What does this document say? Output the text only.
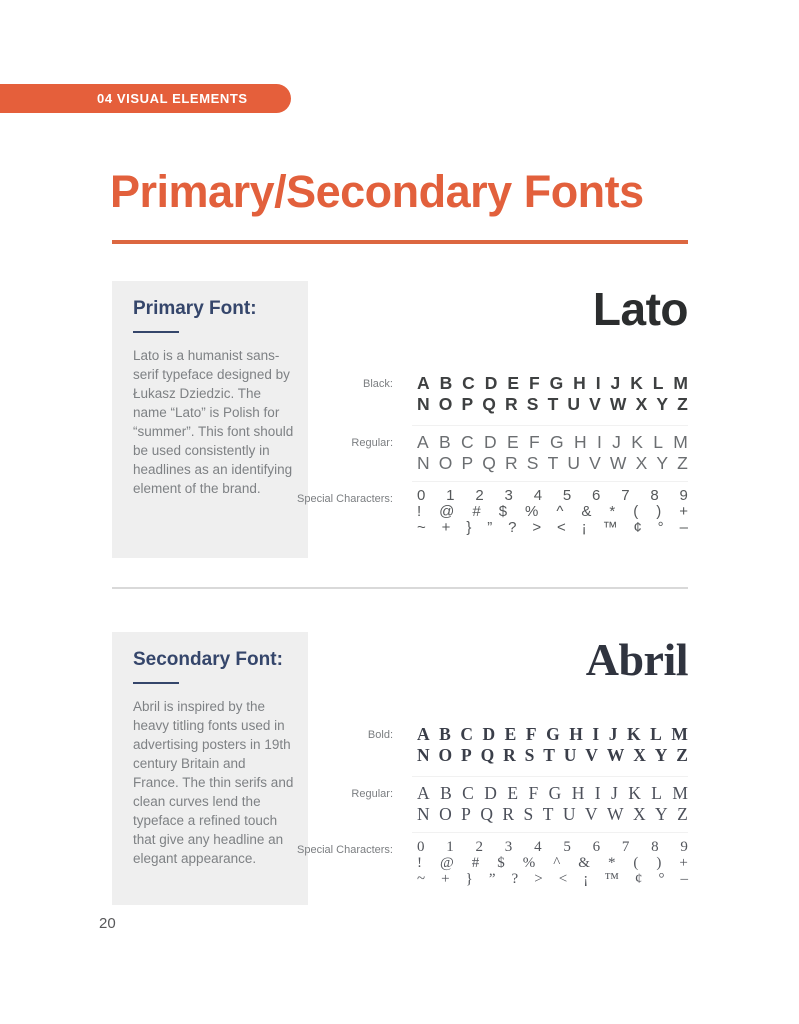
04 VISUAL ELEMENTS
Primary/Secondary Fonts
Primary Font:

Lato is a humanist sans-serif typeface designed by Łukasz Dziedzic. The name “Lato” is Polish for “summer”. This font should be used consistently in headlines as an identifying element of the brand.

Lato
Black: A B C D E F G H I J K L M
N O P Q R S T U V W X Y Z
Regular: A B C D E F G H I J K L M
N O P Q R S T U V W X Y Z
Special Characters: 0 1 2 3 4 5 6 7 8 9
! @ # $ % ^ & * ( ) +
~ + } ” ? > < ¡ ™ ¢ ° –
Secondary Font:

Abril is inspired by the heavy titling fonts used in advertising posters in 19th century Britain and France. The thin serifs and clean curves lend the typeface a refined touch that give any headline an elegant appearance.

Abril
Bold: A B C D E F G H I J K L M
N O P Q R S T U V W X Y Z
Regular: A B C D E F G H I J K L M
N O P Q R S T U V W X Y Z
Special Characters: 0 1 2 3 4 5 6 7 8 9
! @ # $ % ^ & * ( ) +
~ + } ” ? > < ¡ ™ ¢ ° –
20
